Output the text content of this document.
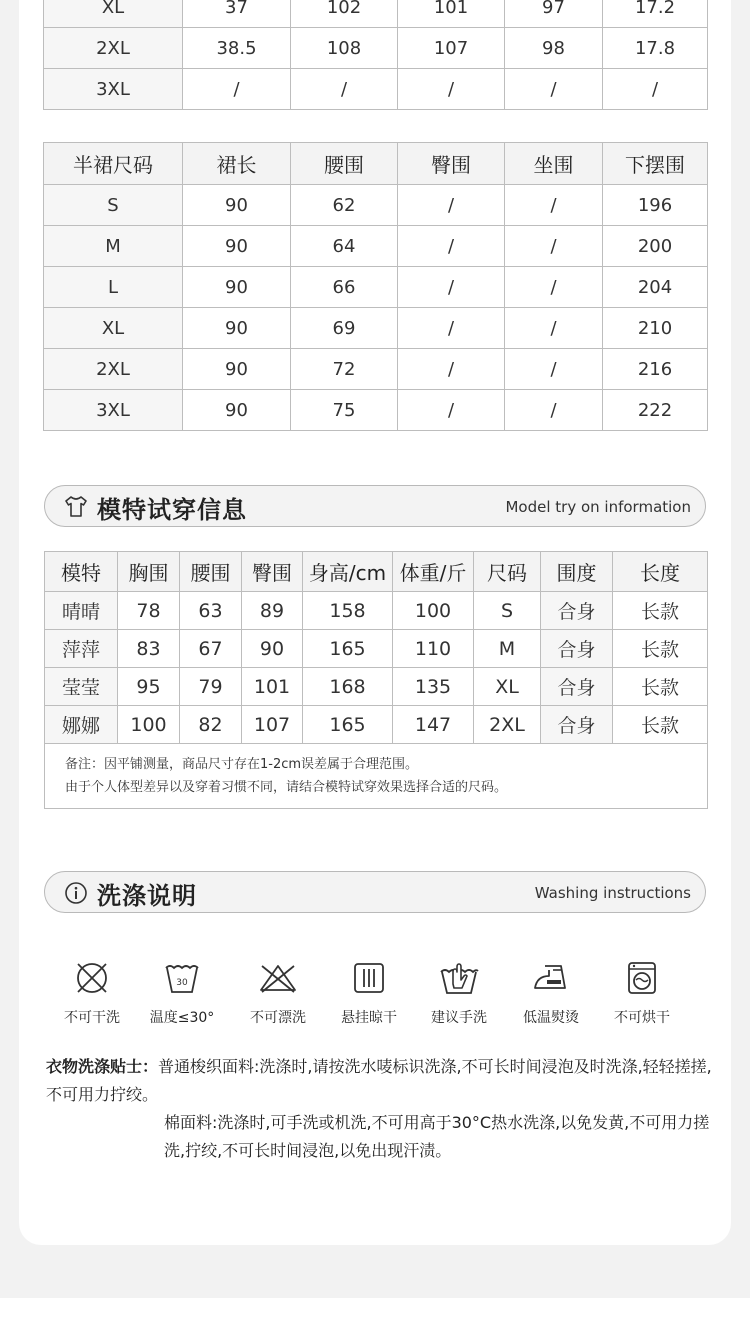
XL	37	102	101	97	17.2
2XL	38.5	108	107	98	17.8
3XL	/	/	/	/	/
半裙尺码	裙长	腰围	臀围	坐围	下摆围
S	90	62	/	/	196
M	90	64	/	/	200
L	90	66	/	/	204
XL	90	69	/	/	210
2XL	90	72	/	/	216
3XL	90	75	/	/	222
模特试穿信息	Model try on information
模特	胸围	腰围	臀围	身高/cm	体重/斤	尺码	围度	长度
晴晴	78	63	89	158	100	S	合身	长款
萍萍	83	67	90	165	110	M	合身	长款
莹莹	95	79	101	168	135	XL	合身	长款
娜娜	100	82	107	165	147	2XL	合身	长款

备注：因平铺测量，商品尺寸存在1-2cm误差属于合理范围。
由于个人体型差异以及穿着习惯不同，请结合模特试穿效果选择合适的尺码。								
洗涤说明	Washing instructions
不可干洗
30
温度≤30°	不可漂洗	悬挂晾干	建议手洗	低温熨烫	不可烘干
衣物洗涤贴士：普通梭织面料:洗涤时,请按洗水唛标识洗涤,不可长时间浸泡及时洗涤,轻轻搓搓,不可用力拧绞。
棉面料:洗涤时,可手洗或机洗,不可用高于30°C热水洗涤,以免发黄,不可用力搓洗,拧绞,不可长时间浸泡,以免出现汗渍。
